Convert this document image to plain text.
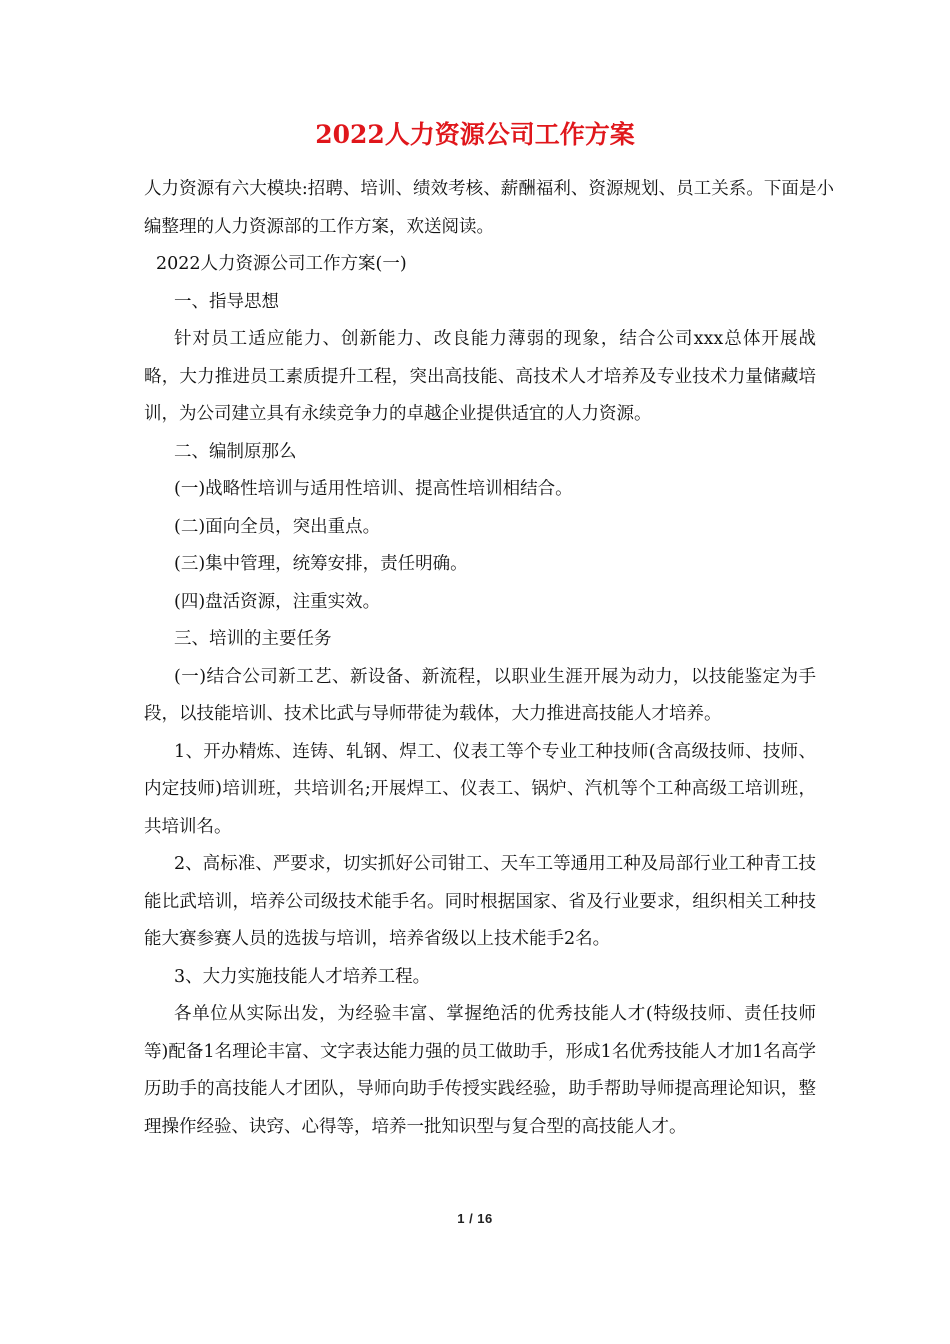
2022人力资源公司工作方案

人力资源有六大模块:招聘、培训、绩效考核、薪酬福利、资源规划、员工关系。下面是小编整理的人力资源部的工作方案，欢送阅读。

2022人力资源公司工作方案(一)

一、指导思想

针对员工适应能力、创新能力、改良能力薄弱的现象，结合公司xxx总体开展战略，大力推进员工素质提升工程，突出高技能、高技术人才培养及专业技术力量储藏培训，为公司建立具有永续竞争力的卓越企业提供适宜的人力资源。

二、编制原那么

(一)战略性培训与适用性培训、提高性培训相结合。

(二)面向全员，突出重点。

(三)集中管理，统筹安排，责任明确。

(四)盘活资源，注重实效。

三、培训的主要任务

(一)结合公司新工艺、新设备、新流程，以职业生涯开展为动力，以技能鉴定为手段，以技能培训、技术比武与导师带徒为载体，大力推进高技能人才培养。

1、开办精炼、连铸、轧钢、焊工、仪表工等个专业工种技师(含高级技师、技师、内定技师)培训班，共培训名;开展焊工、仪表工、锅炉、汽机等个工种高级工培训班，共培训名。

2、高标准、严要求，切实抓好公司钳工、天车工等通用工种及局部行业工种青工技能比武培训，培养公司级技术能手名。同时根据国家、省及行业要求，组织相关工种技能大赛参赛人员的选拔与培训，培养省级以上技术能手2名。

3、大力实施技能人才培养工程。

各单位从实际出发，为经验丰富、掌握绝活的优秀技能人才(特级技师、责任技师等)配备1名理论丰富、文字表达能力强的员工做助手，形成1名优秀技能人才加1名高学历助手的高技能人才团队，导师向助手传授实践经验，助手帮助导师提高理论知识，整理操作经验、诀窍、心得等，培养一批知识型与复合型的高技能人才。

1 / 16
